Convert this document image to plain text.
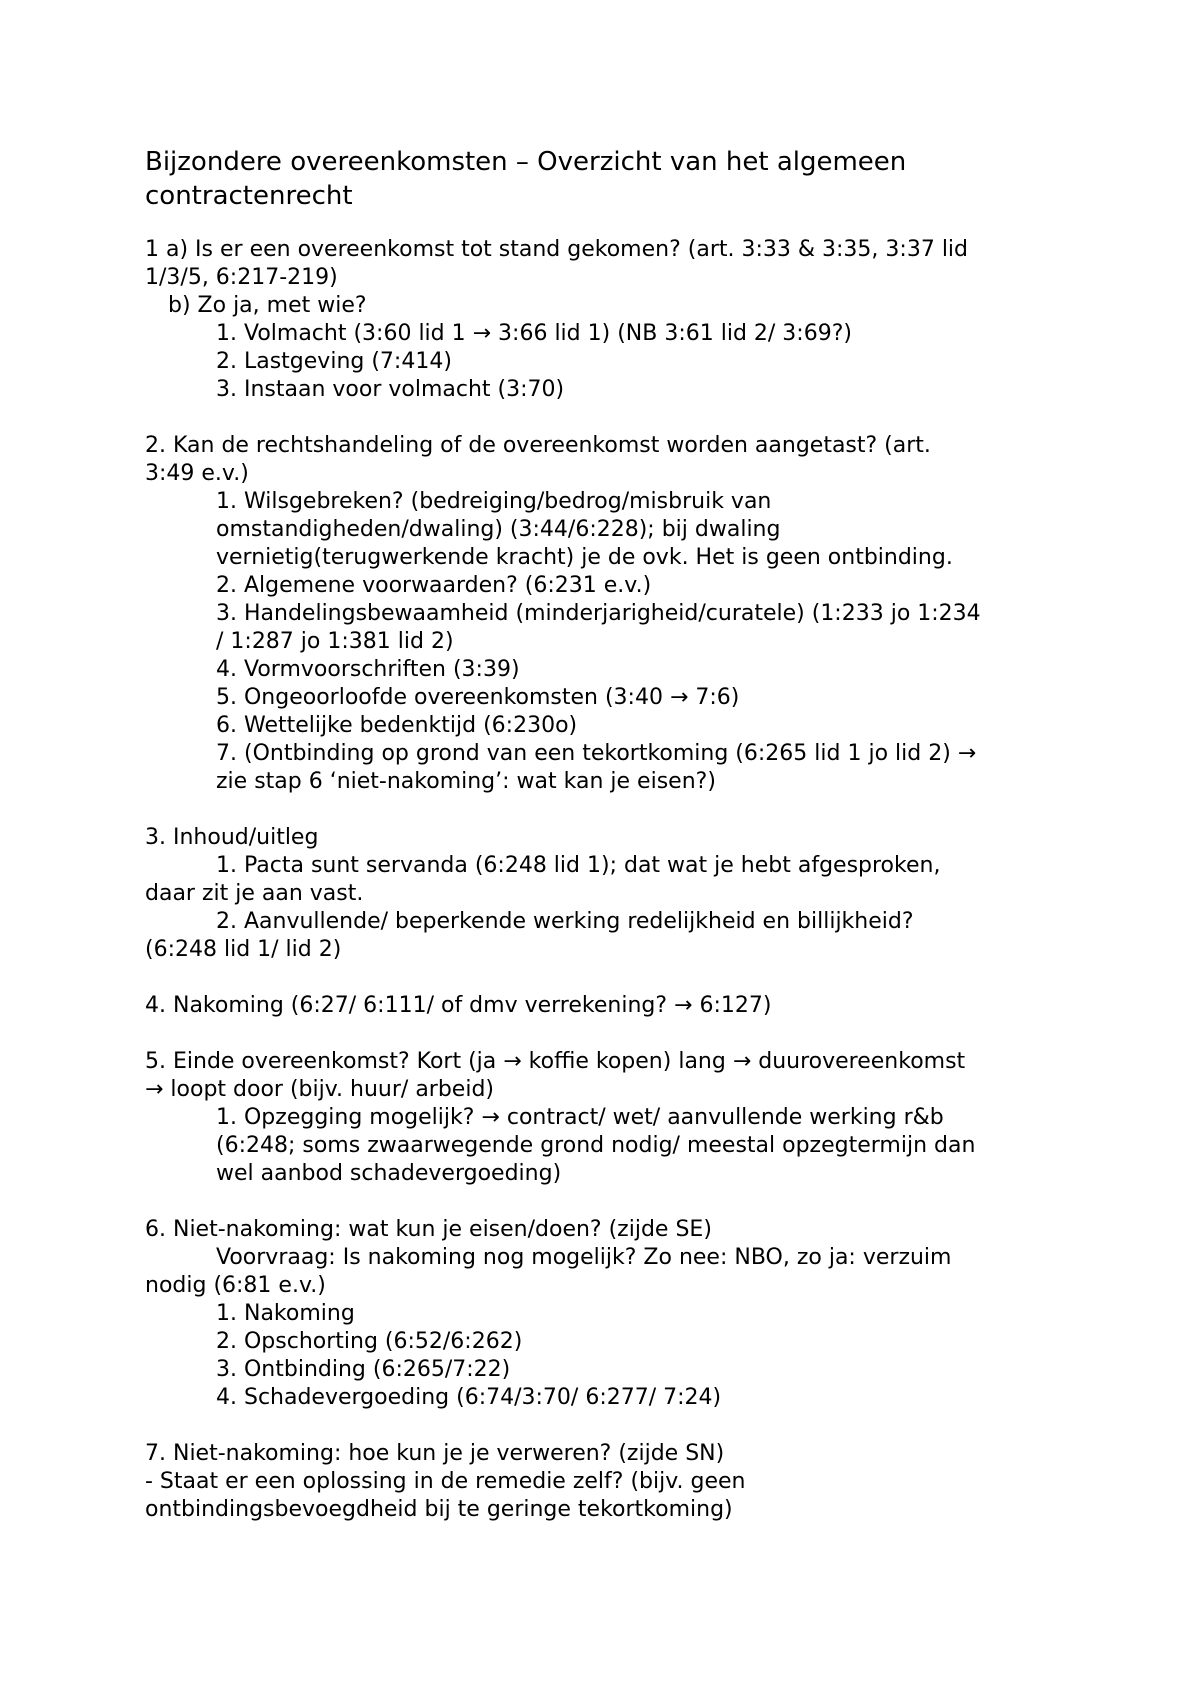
Bijzondere overeenkomsten – Overzicht van het algemeen
contractenrecht
1 a) Is er een overeenkomst tot stand gekomen? (art. 3:33 & 3:35, 3:37 lid
1/3/5, 6:217-219)
b) Zo ja, met wie?
1. Volmacht (3:60 lid 1 → 3:66 lid 1) (NB 3:61 lid 2/ 3:69?)
2. Lastgeving (7:414)
3. Instaan voor volmacht (3:70)
2. Kan de rechtshandeling of de overeenkomst worden aangetast? (art.
3:49 e.v.)
1. Wilsgebreken? (bedreiging/bedrog/misbruik van
omstandigheden/dwaling) (3:44/6:228); bij dwaling
vernietig(terugwerkende kracht) je de ovk. Het is geen ontbinding.
2. Algemene voorwaarden? (6:231 e.v.)
3. Handelingsbewaamheid (minderjarigheid/curatele) (1:233 jo 1:234
/ 1:287 jo 1:381 lid 2)
4. Vormvoorschriften (3:39)
5. Ongeoorloofde overeenkomsten (3:40 → 7:6)
6. Wettelijke bedenktijd (6:230o)
7. (Ontbinding op grond van een tekortkoming (6:265 lid 1 jo lid 2) →
zie stap 6 ‘niet-nakoming’: wat kan je eisen?)
3. Inhoud/uitleg
1. Pacta sunt servanda (6:248 lid 1); dat wat je hebt afgesproken,
daar zit je aan vast.
2. Aanvullende/ beperkende werking redelijkheid en billijkheid?
(6:248 lid 1/ lid 2)
4. Nakoming (6:27/ 6:111/ of dmv verrekening? → 6:127)
5. Einde overeenkomst? Kort (ja → koffie kopen) lang → duurovereenkomst
→ loopt door (bijv. huur/ arbeid)
1. Opzegging mogelijk? → contract/ wet/ aanvullende werking r&b
(6:248; soms zwaarwegende grond nodig/ meestal opzegtermijn dan
wel aanbod schadevergoeding)
6. Niet-nakoming: wat kun je eisen/doen? (zijde SE)
Voorvraag: Is nakoming nog mogelijk? Zo nee: NBO, zo ja: verzuim
nodig (6:81 e.v.)
1. Nakoming
2. Opschorting (6:52/6:262)
3. Ontbinding (6:265/7:22)
4. Schadevergoeding (6:74/3:70/ 6:277/ 7:24)
7. Niet-nakoming: hoe kun je je verweren? (zijde SN)
- Staat er een oplossing in de remedie zelf? (bijv. geen
ontbindingsbevoegdheid bij te geringe tekortkoming)
